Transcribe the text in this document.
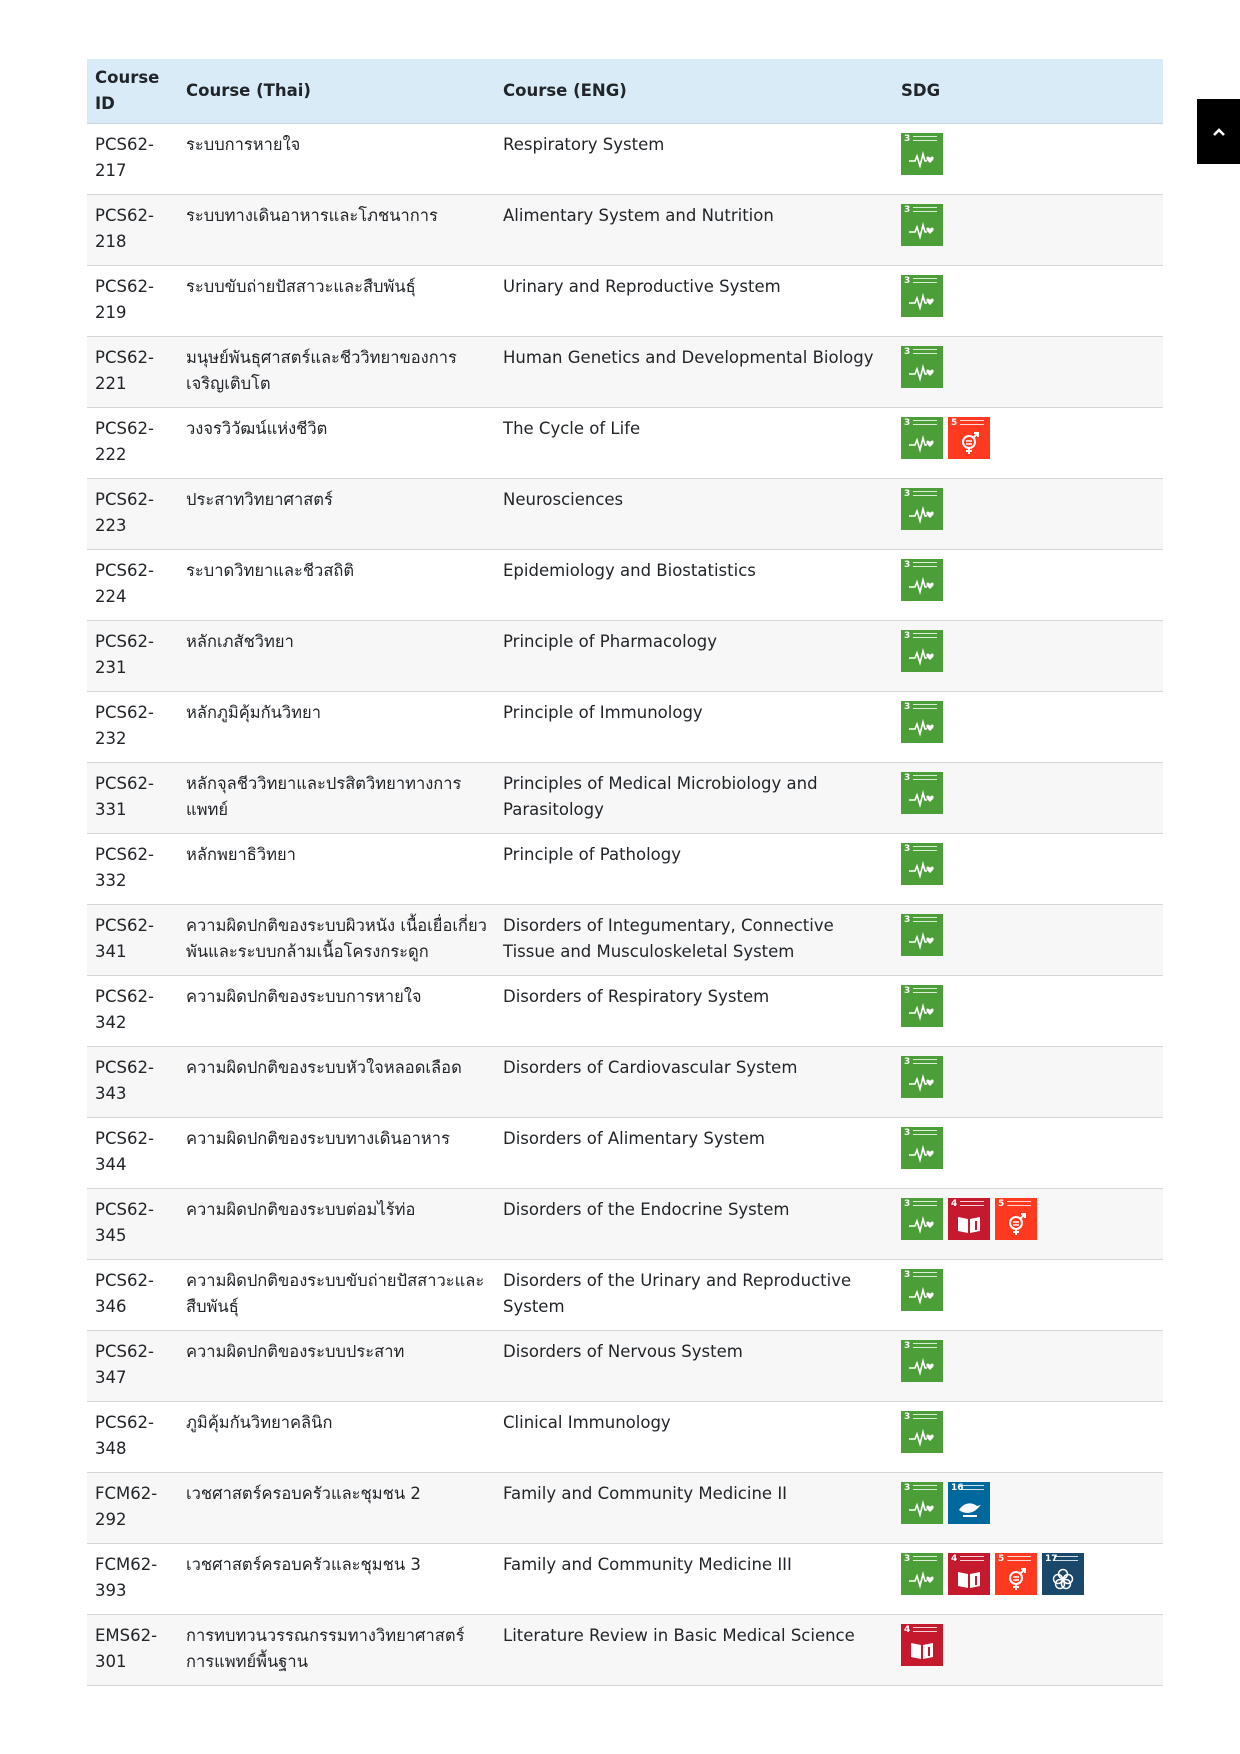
Course ID	Course (Thai)	Course (ENG)	SDG
PCS62-217	ระบบการหายใจ	Respiratory System	3

PCS62-218	ระบบทางเดินอาหารและโภชนาการ	Alimentary System and Nutrition	3

PCS62-219	ระบบขับถ่ายปัสสาวะและสืบพันธุ์	Urinary and Reproductive System	3

PCS62-221	มนุษย์พันธุศาสตร์และชีววิทยาของการเจริญเติบโต	Human Genetics and Developmental Biology	3

PCS62-222	วงจรวิวัฒน์แห่งชีวิต	The Cycle of Life	3 5

PCS62-223	ประสาทวิทยาศาสตร์	Neurosciences	3

PCS62-224	ระบาดวิทยาและชีวสถิติ	Epidemiology and Biostatistics	3

PCS62-231	หลักเภสัชวิทยา	Principle of Pharmacology	3

PCS62-232	หลักภูมิคุ้มกันวิทยา	Principle of Immunology	3

PCS62-331	หลักจุลชีววิทยาและปรสิตวิทยาทางการแพทย์	Principles of Medical Microbiology and Parasitology	3

PCS62-332	หลักพยาธิวิทยา	Principle of Pathology	3

PCS62-341	ความผิดปกติของระบบผิวหนัง เนื้อเยื่อเกี่ยวพันและระบบกล้ามเนื้อโครงกระดูก	Disorders of Integumentary, Connective Tissue and Musculoskeletal System	3

PCS62-342	ความผิดปกติของระบบการหายใจ	Disorders of Respiratory System	3

PCS62-343	ความผิดปกติของระบบหัวใจหลอดเลือด	Disorders of Cardiovascular System	3

PCS62-344	ความผิดปกติของระบบทางเดินอาหาร	Disorders of Alimentary System	3

PCS62-345	ความผิดปกติของระบบต่อมไร้ท่อ	Disorders of the Endocrine System	3 4 5

PCS62-346	ความผิดปกติของระบบขับถ่ายปัสสาวะและสืบพันธุ์	Disorders of the Urinary and Reproductive System	3

PCS62-347	ความผิดปกติของระบบประสาท	Disorders of Nervous System	3

PCS62-348	ภูมิคุ้มกันวิทยาคลินิก	Clinical Immunology	3

FCM62-292	เวชศาสตร์ครอบครัวและชุมชน 2	Family and Community Medicine II	3 16

FCM62-393	เวชศาสตร์ครอบครัวและชุมชน 3	Family and Community Medicine III	3 4 5 17

EMS62-301	การทบทวนวรรณกรรมทางวิทยาศาสตร์การแพทย์พื้นฐาน	Literature Review in Basic Medical Science	4
